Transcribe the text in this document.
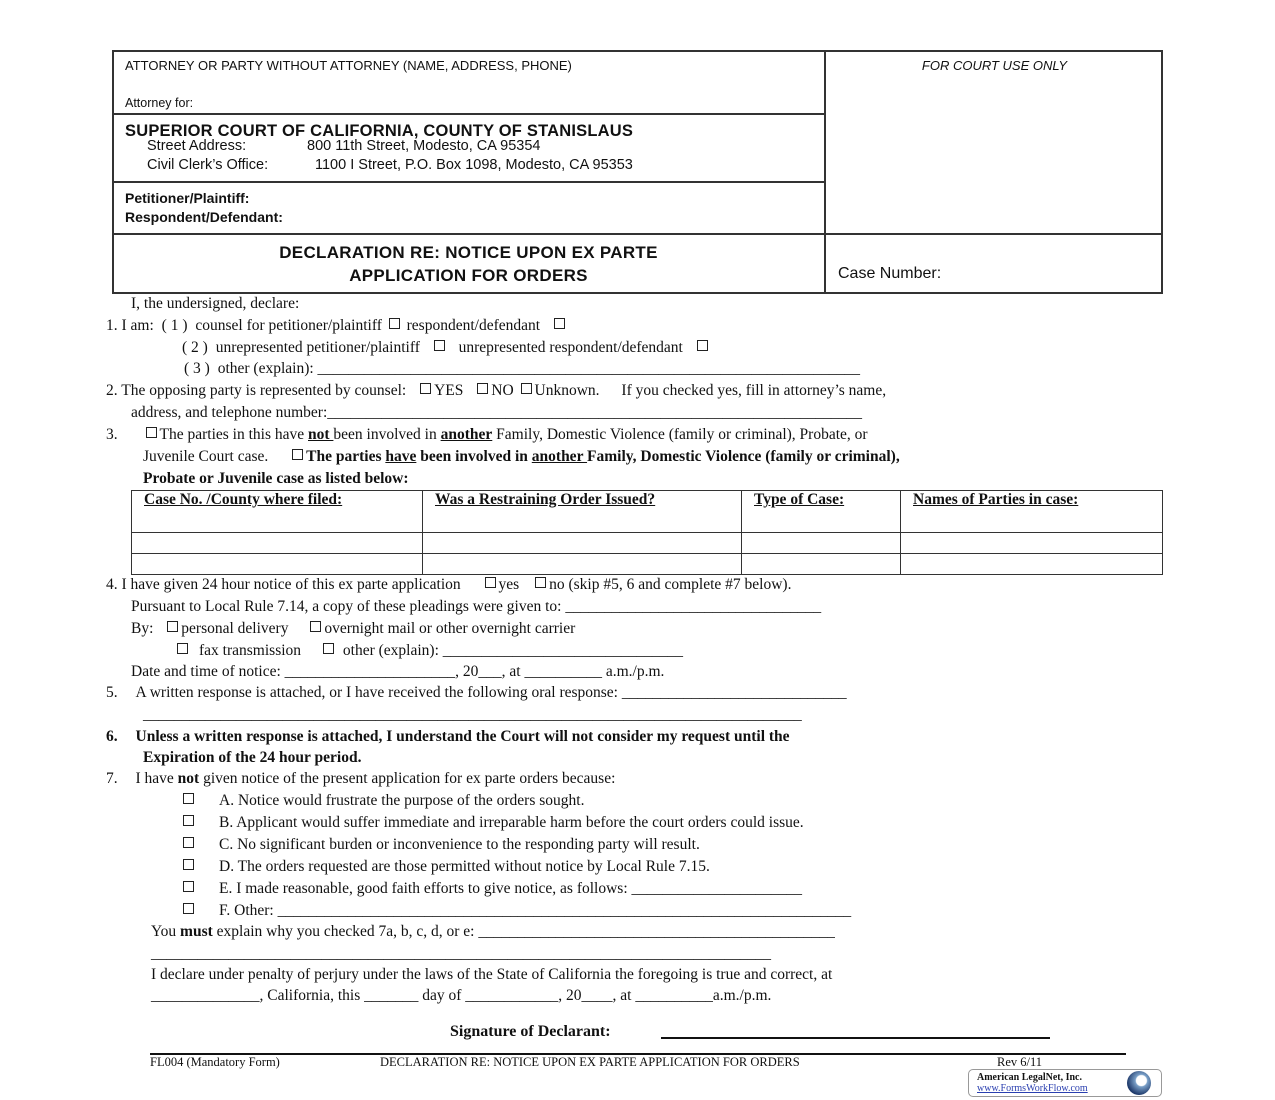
ATTORNEY OR PARTY WITHOUT ATTORNEY (NAME, ADDRESS, PHONE)
Attorney for:
FOR COURT USE ONLY
SUPERIOR COURT OF CALIFORNIA, COUNTY OF STANISLAUS
Street Address:	800 11th Street, Modesto, CA 95354
Civil Clerk’s Office:	1100 I Street, P.O. Box 1098, Modesto, CA 95353
Petitioner/Plaintiff:
Respondent/Defendant:
DECLARATION RE: NOTICE UPON EX PARTE
APPLICATION FOR ORDERS	Case Number:
I, the undersigned, declare:
1. I am: ( 1 ) counsel for petitioner/plaintiff respondent/defendant
( 2 ) unrepresented petitioner/plaintiff	unrepresented respondent/defendant
( 3 ) other (explain): ______________________________________________________________________
2. The opposing party is represented by counsel: YES NO Unknown. If you checked yes, fill in attorney’s name,
address, and telephone number:_____________________________________________________________________
3.	The parties in this have not been involved in another Family, Domestic Violence (family or criminal), Probate, or
Juvenile Court case. The parties have been involved in another Family, Domestic Violence (family or criminal),
Probate or Juvenile case as listed below:
Case No. /County where filed:	Was a Restraining Order Issued?	Type of Case:	Names of Parties in case:

4. I have given 24 hour notice of this ex parte application yes no (skip #5, 6 and complete #7 below).
Pursuant to Local Rule 7.14, a copy of these pleadings were given to: _________________________________
By: personal delivery overnight mail or other overnight carrier
fax transmission	other (explain): _______________________________
Date and time of notice: ______________________, 20___, at __________ a.m./p.m.
5. A written response is attached, or I have received the following oral response: _____________________________
_____________________________________________________________________________________
6. Unless a written response is attached, I understand the Court will not consider my request until the
Expiration of the 24 hour period.
7. I have not given notice of the present application for ex parte orders because:
A. Notice would frustrate the purpose of the orders sought.
B. Applicant would suffer immediate and irreparable harm before the court orders could issue.
C. No significant burden or inconvenience to the responding party will result.
D. The orders requested are those permitted without notice by Local Rule 7.15.
E. I made reasonable, good faith efforts to give notice, as follows: ______________________
F. Other: __________________________________________________________________________
You must explain why you checked 7a, b, c, d, or e: ______________________________________________
________________________________________________________________________________
I declare under penalty of perjury under the laws of the State of California the foregoing is true and correct, at
______________, California, this _______ day of ____________, 20____, at __________a.m./p.m.
Signature of Declarant:
FL004 (Mandatory Form)	DECLARATION RE: NOTICE UPON EX PARTE APPLICATION FOR ORDERS	Rev 6/11
American LegalNet, Inc.
www.FormsWorkFlow.com
